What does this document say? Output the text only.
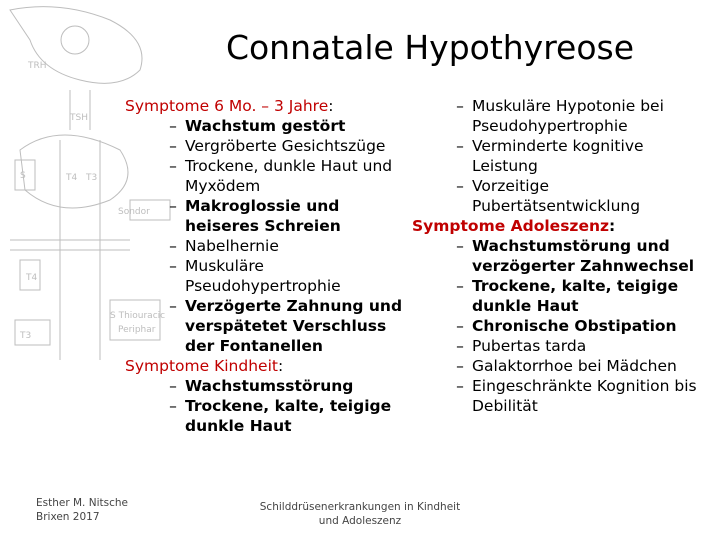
TRH
S	T4 T3
T4
T3
Sondor
Periphar
TSH
S Thiouracic
Connatale Hypothyreose
Symptome 6 Mo. – 3 Jahre:
– Wachstum gestört
– Vergröberte Gesichtszüge
– Trockene, dunkle Haut und Myxödem
– Makroglossie und heiseres Schreien
– Nabelhernie
– Muskuläre Pseudohypertrophie
– Verzögerte Zahnung und verspätetet Verschluss der Fontanellen
Symptome Kindheit:
– Wachstumsstörung
– Trockene, kalte, teigige dunkle Haut
– Muskuläre Hypotonie bei Pseudohypertrophie
– Verminderte kognitive Leistung
– Vorzeitige Pubertätsentwicklung
Symptome Adoleszenz:
– Wachstumstörung und verzögerter Zahnwechsel
– Trockene, kalte, teigige dunkle Haut
– Chronische Obstipation
– Pubertas tarda
– Galaktorrhoe bei Mädchen
– Eingeschränkte Kognition bis Debilität
Esther M. Nitsche
Brixen 2017
Schilddrüsenerkrankungen in Kindheit
und Adoleszenz
